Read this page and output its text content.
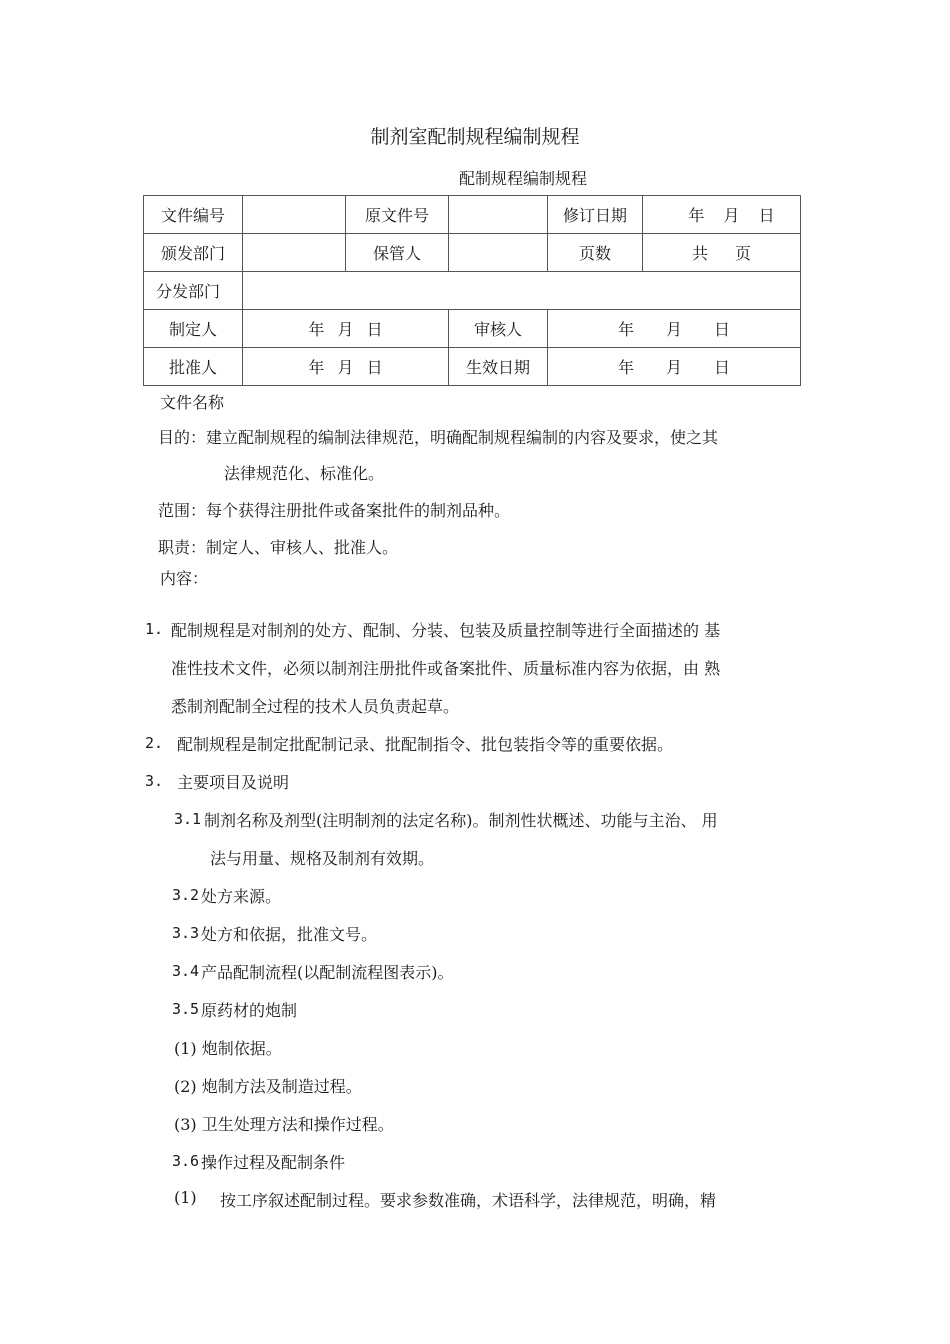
制剂室配制规程编制规程
配制规程编制规程
文件编号		原文件号		修订日期	年 月 日
颁发部门		保管人		页数	共 页
分发部门					
制定人	年 月 日		审核人	年　　月　　日	
批准人	年 月 日		生效日期	年　　月　　日	
文件名称
目的：建立配制规程的编制法律规范，明确配制规程编制的内容及要求，使之其
法律规范化、标准化。
范围：每个获得注册批件或备案批件的制剂品种。
职责：制定人、审核人、批准人。
内容：
1. 配制规程是对制剂的处方、配制、分装、包装及质量控制等进行全面描述的 基
准性技术文件，必须以制剂注册批件或备案批件、质量标准内容为依据，由 熟
悉制剂配制全过程的技术人员负责起草。
2. 配制规程是制定批配制记录、批配制指令、批包装指令等的重要依据。
3. 主要项目及说明
3.1 制剂名称及剂型(注明制剂的法定名称)。制剂性状概述、功能与主治、 用
法与用量、规格及制剂有效期。
3.2 处方来源。
3.3 处方和依据，批准文号。
3.4 产品配制流程(以配制流程图表示)。
3.5 原药材的炮制
(1) 炮制依据。
(2) 炮制方法及制造过程。
(3) 卫生处理方法和操作过程。
3.6 操作过程及配制条件
(1) 按工序叙述配制过程。要求参数准确，术语科学，法律规范，明确，精
